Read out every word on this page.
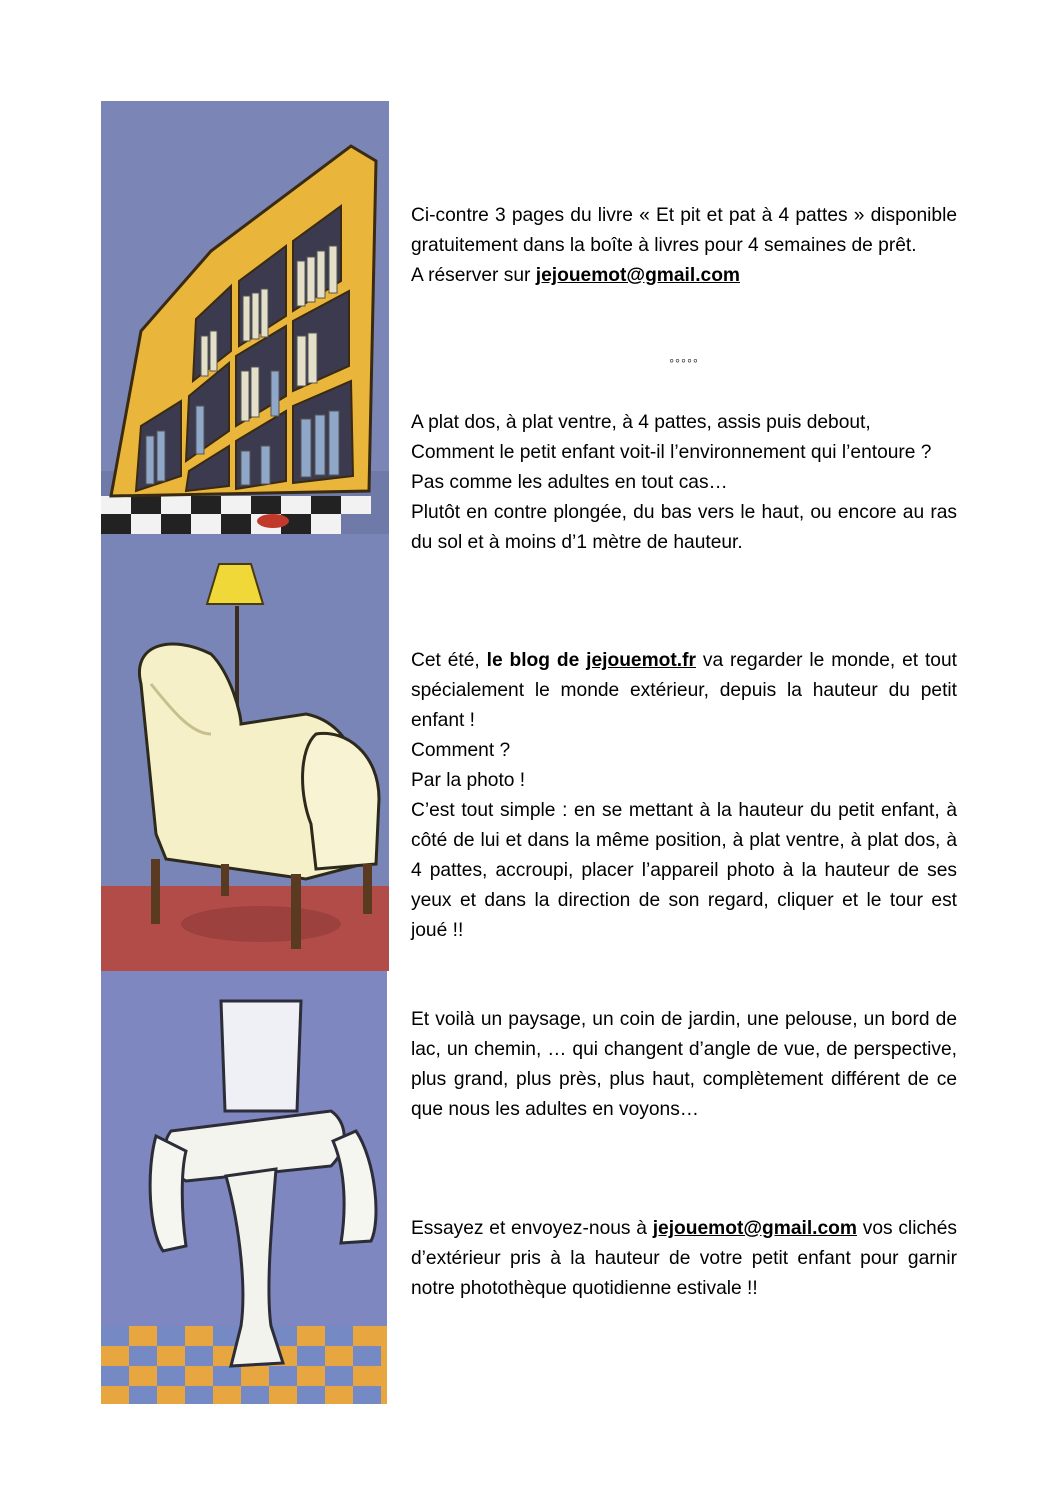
Ci-contre 3 pages du livre « Et pit et pat à 4 pattes » disponible gratuitement dans la boîte à livres pour 4 semaines de prêt.

A réserver sur jejouemot@gmail.com

◦◦◦◦◦

A plat dos, à plat ventre, à 4 pattes, assis puis debout,

Comment le petit enfant voit-il l’environnement qui l’entoure ?

Pas comme les adultes en tout cas…

Plutôt en contre plongée, du bas vers le haut, ou encore au ras du sol et à moins d’1 mètre de hauteur.

Cet été, le blog de jejouemot.fr va regarder le monde, et tout spécialement le monde extérieur, depuis la hauteur du petit enfant !

Comment ?

Par la photo !

C’est tout simple : en se mettant à la hauteur du petit enfant, à côté de lui et dans la même position, à plat ventre, à plat dos, à 4 pattes, accroupi, placer l’appareil photo à la hauteur de ses yeux et dans la direction de son regard, cliquer et le tour est joué !!

Et voilà un paysage, un coin de jardin, une pelouse, un bord de lac, un chemin, … qui changent d’angle de vue, de perspective, plus grand, plus près, plus haut, complètement différent de ce que nous les adultes en voyons…

Essayez et envoyez-nous à jejouemot@gmail.com vos clichés d’extérieur pris à la hauteur de votre petit enfant pour garnir notre photothèque quotidienne estivale !!
